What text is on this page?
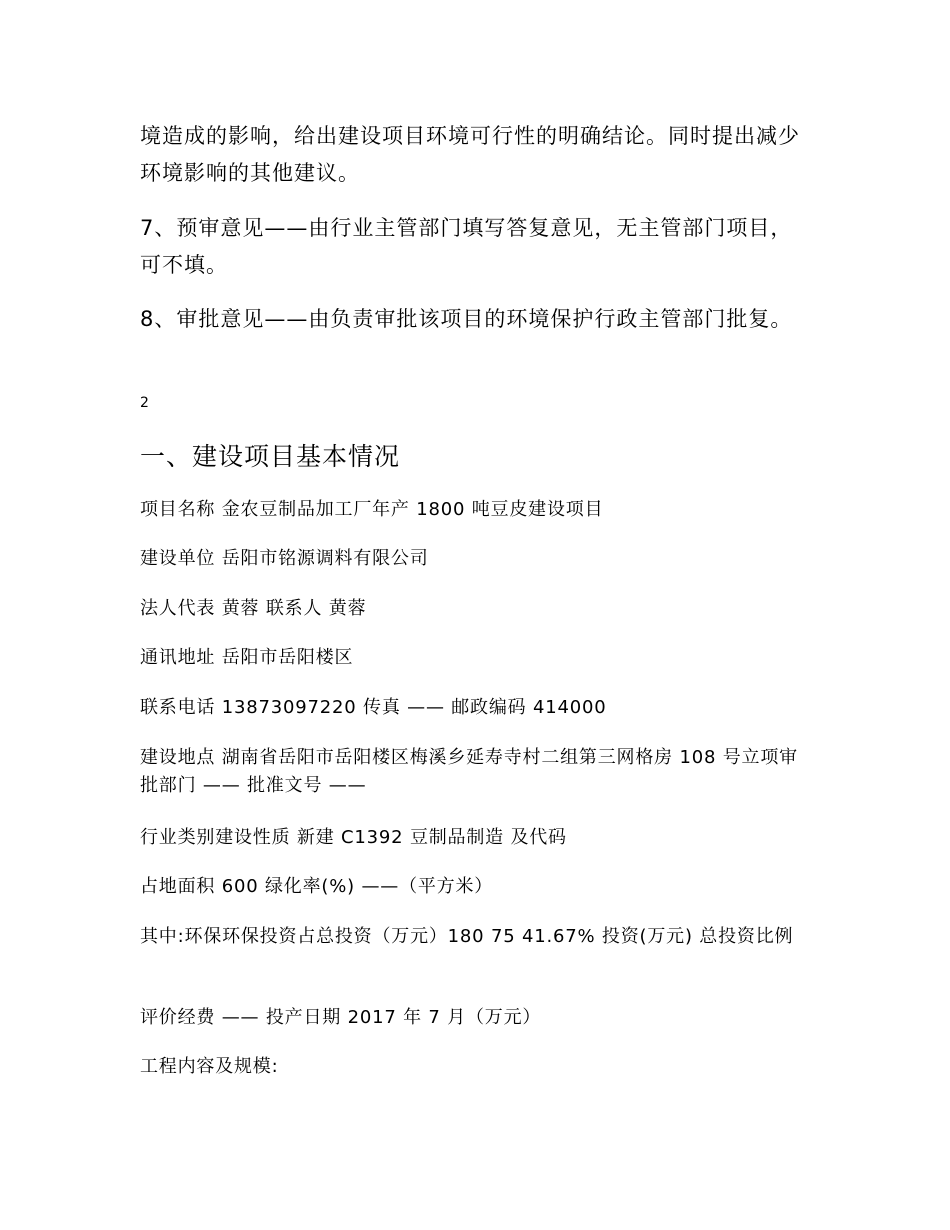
境造成的影响，给出建设项目环境可行性的明确结论。同时提出减少环境影响的其他建议。

7、预审意见——由行业主管部门填写答复意见，无主管部门项目，可不填。

8、审批意见——由负责审批该项目的环境保护行政主管部门批复。

2
一、建设项目基本情况

项目名称 金农豆制品加工厂年产 1800 吨豆皮建设项目

建设单位 岳阳市铭源调料有限公司

法人代表 黄蓉 联系人 黄蓉

通讯地址 岳阳市岳阳楼区

联系电话 13873097220 传真 —— 邮政编码 414000

建设地点 湖南省岳阳市岳阳楼区梅溪乡延寿寺村二组第三网格房 108 号立项审批部门 —— 批准文号 ——

行业类别建设性质 新建 C1392 豆制品制造 及代码

占地面积 600 绿化率(%) ——（平方米）

其中:环保环保投资占总投资（万元）180 75 41.67% 投资(万元) 总投资比例

评价经费 —— 投产日期 2017 年 7 月（万元）

工程内容及规模:
